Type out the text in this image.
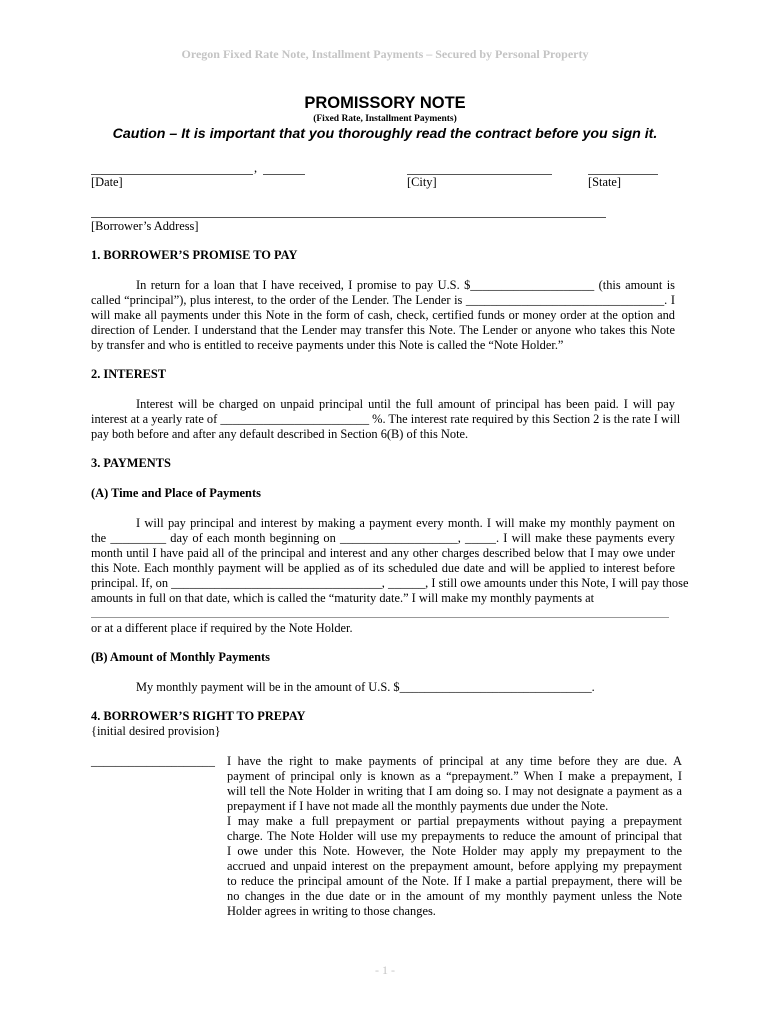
Oregon Fixed Rate Note, Installment Payments – Secured by Personal Property
PROMISSORY NOTE
(Fixed Rate, Installment Payments)
Caution – It is important that you thoroughly read the contract before you sign it.
,
[Date]	[City]	[State]
[Borrower’s Address]
1. BORROWER’S PROMISE TO PAY
In return for a loan that I have received, I promise to pay U.S. $____________________ (this amount is
called “principal”), plus interest, to the order of the Lender. The Lender is ________________________________. I
will make all payments under this Note in the form of cash, check, certified funds or money order at the option and
direction of Lender. I understand that the Lender may transfer this Note. The Lender or anyone who takes this Note
by transfer and who is entitled to receive payments under this Note is called the “Note Holder.”
2. INTEREST
Interest will be charged on unpaid principal until the full amount of principal has been paid. I will pay
interest at a yearly rate of ________________________ %. The interest rate required by this Section 2 is the rate I will
pay both before and after any default described in Section 6(B) of this Note.
3. PAYMENTS
(A) Time and Place of Payments
I will pay principal and interest by making a payment every month. I will make my monthly payment on
the _________ day of each month beginning on ___________________, _____. I will make these payments every
month until I have paid all of the principal and interest and any other charges described below that I may owe under
this Note. Each monthly payment will be applied as of its scheduled due date and will be applied to interest before
principal. If, on __________________________________, ______, I still owe amounts under this Note, I will pay those
amounts in full on that date, which is called the “maturity date.” I will make my monthly payments at
or at a different place if required by the Note Holder.
(B) Amount of Monthly Payments
My monthly payment will be in the amount of U.S. $_______________________________.
4. BORROWER’S RIGHT TO PREPAY
{initial desired provision}
____________________ I have the right to make payments of principal at any time before they are due. A
payment of principal only is known as a “prepayment.” When I make a prepayment, I
will tell the Note Holder in writing that I am doing so. I may not designate a payment as a
prepayment if I have not made all the monthly payments due under the Note.
I may make a full prepayment or partial prepayments without paying a prepayment
charge. The Note Holder will use my prepayments to reduce the amount of principal that
I owe under this Note. However, the Note Holder may apply my prepayment to the
accrued and unpaid interest on the prepayment amount, before applying my prepayment
to reduce the principal amount of the Note. If I make a partial prepayment, there will be
no changes in the due date or in the amount of my monthly payment unless the Note
Holder agrees in writing to those changes.
- 1 -
